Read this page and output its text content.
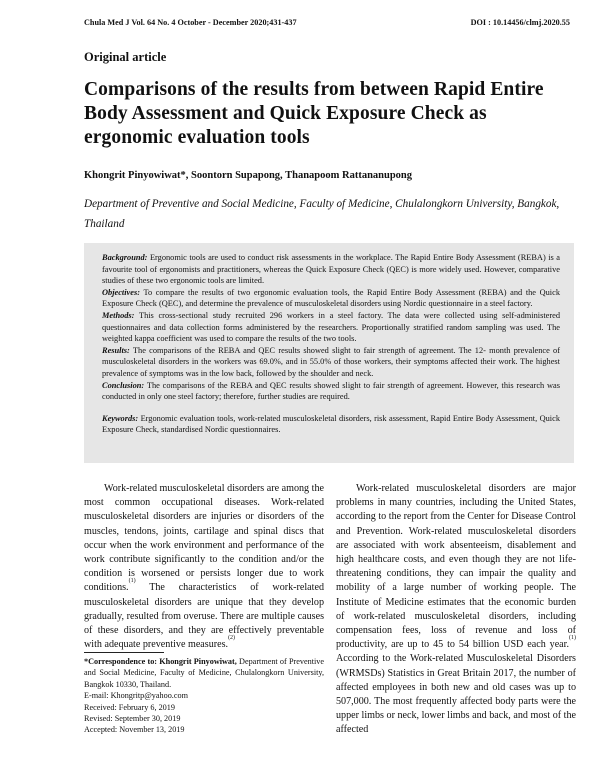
Chula Med J Vol. 64 No. 4 October - December 2020;431-437	DOI : 10.14456/clmj.2020.55
Original article
Comparisons of the results from between Rapid Entire Body Assessment and Quick Exposure Check as ergonomic evaluation tools
Khongrit Pinyowiwat*, Soontorn Supapong, Thanapoom Rattananupong
Department of Preventive and Social Medicine, Faculty of Medicine, Chulalongkorn University, Bangkok, Thailand

Background: Ergonomic tools are used to conduct risk assessments in the workplace. The Rapid Entire Body Assessment (REBA) is a favourite tool of ergonomists and practitioners, whereas the Quick Exposure Check (QEC) is more widely used. However, comparative studies of these two ergonomic tools are limited.

Objectives: To compare the results of two ergonomic evaluation tools, the Rapid Entire Body Assessment (REBA) and the Quick Exposure Check (QEC), and determine the prevalence of musculoskeletal disorders using Nordic questionnaire in a steel factory.

Methods: This cross-sectional study recruited 296 workers in a steel factory. The data were collected using self-administered questionnaires and data collection forms administered by the researchers. Proportionally stratified random sampling was used. The weighted kappa coefficient was used to compare the results of the two tools.

Results: The comparisons of the REBA and QEC results showed slight to fair strength of agreement. The 12- month prevalence of musculoskeletal disorders in the workers was 69.0%, and in 55.0% of those workers, their symptoms affected their work. The highest prevalence of symptoms was in the low back, followed by the shoulder and neck.

Conclusion: The comparisons of the REBA and QEC results showed slight to fair strength of agreement. However, this research was conducted in only one steel factory; therefore, further studies are required.

Keywords: Ergonomic evaluation tools, work-related musculoskeletal disorders, risk assessment, Rapid Entire Body Assessment, Quick Exposure Check, standardised Nordic questionnaires.

Work-related musculoskeletal disorders are among the most common occupational diseases. Work-related musculoskeletal disorders are injuries or disorders of the muscles, tendons, joints, cartilage and spinal discs that occur when the work environment and performance of the work contribute significantly to the condition and/or the condition is worsened or persists longer due to work conditions.$^{(1)}$ The characteristics of work-related musculoskeletal disorders are unique that they develop gradually, resulted from overuse. There are multiple causes of these disorders, and they are effectively preventable with adequate preventive measures.$^{(2)}$

*Correspondence to: Khongrit Pinyowiwat, Department of Preventive and Social Medicine, Faculty of Medicine, Chulalongkorn University, Bangkok 10330, Thailand.
E-mail: Khongritp@yahoo.com
Received: February 6, 2019
Revised: September 30, 2019
Accepted: November 13, 2019

Work-related musculoskeletal disorders are major problems in many countries, including the United States, according to the report from the Center for Disease Control and Prevention. Work-related musculoskeletal disorders are associated with work absenteeism, disablement and high healthcare costs, and even though they are not life-threatening conditions, they can impair the quality and mobility of a large number of working people. The Institute of Medicine estimates that the economic burden of work-related musculoskeletal disorders, including compensation fees, loss of revenue and loss of productivity, are up to 45 to 54 billion USD each year.$^{(1)}$ According to the Work-related Musculoskeletal Disorders (WRMSDs) Statistics in Great Britain 2017, the number of affected employees in both new and old cases was up to 507,000. The most frequently affected body parts were the upper limbs or neck, lower limbs and back, and most of the affected
